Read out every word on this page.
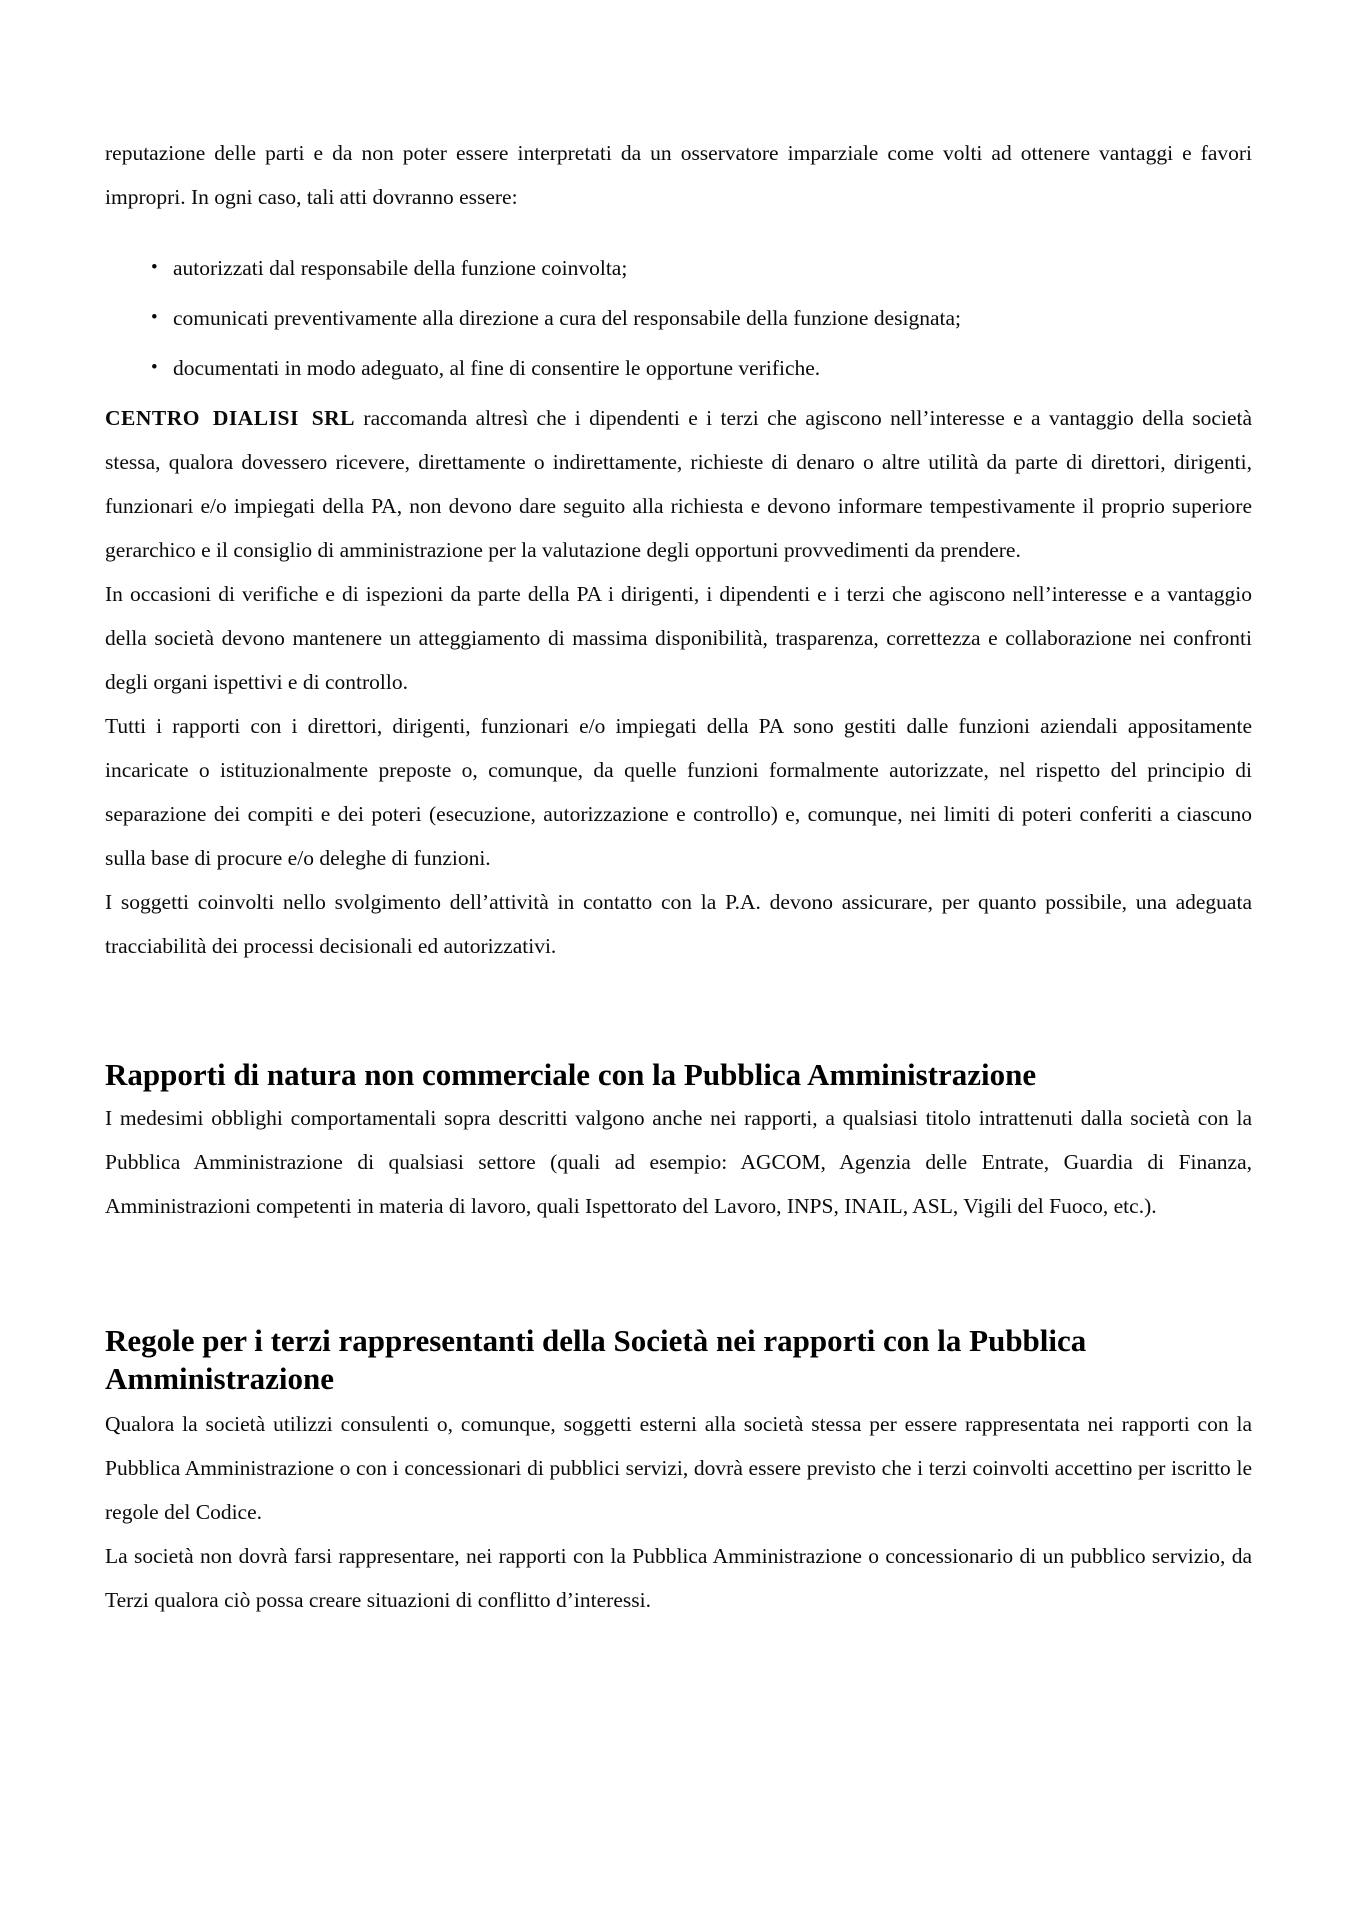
reputazione delle parti e da non poter essere interpretati da un osservatore imparziale come volti ad ottenere vantaggi e favori impropri. In ogni caso, tali atti dovranno essere:

• autorizzati dal responsabile della funzione coinvolta;
• comunicati preventivamente alla direzione a cura del responsabile della funzione designata;
• documentati in modo adeguato, al fine di consentire le opportune verifiche.

CENTRO DIALISI SRL raccomanda altresì che i dipendenti e i terzi che agiscono nell’interesse e a vantaggio della società stessa, qualora dovessero ricevere, direttamente o indirettamente, richieste di denaro o altre utilità da parte di direttori, dirigenti, funzionari e/o impiegati della PA, non devono dare seguito alla richiesta e devono informare tempestivamente il proprio superiore gerarchico e il consiglio di amministrazione per la valutazione degli opportuni provvedimenti da prendere.

In occasioni di verifiche e di ispezioni da parte della PA i dirigenti, i dipendenti e i terzi che agiscono nell’interesse e a vantaggio della società devono mantenere un atteggiamento di massima disponibilità, trasparenza, correttezza e collaborazione nei confronti degli organi ispettivi e di controllo.

Tutti i rapporti con i direttori, dirigenti, funzionari e/o impiegati della PA sono gestiti dalle funzioni aziendali appositamente incaricate o istituzionalmente preposte o, comunque, da quelle funzioni formalmente autorizzate, nel rispetto del principio di separazione dei compiti e dei poteri (esecuzione, autorizzazione e controllo) e, comunque, nei limiti di poteri conferiti a ciascuno sulla base di procure e/o deleghe di funzioni.

I soggetti coinvolti nello svolgimento dell’attività in contatto con la P.A. devono assicurare, per quanto possibile, una adeguata tracciabilità dei processi decisionali ed autorizzativi.

Rapporti di natura non commerciale con la Pubblica Amministrazione

I medesimi obblighi comportamentali sopra descritti valgono anche nei rapporti, a qualsiasi titolo intrattenuti dalla società con la Pubblica Amministrazione di qualsiasi settore (quali ad esempio: AGCOM, Agenzia delle Entrate, Guardia di Finanza, Amministrazioni competenti in materia di lavoro, quali Ispettorato del Lavoro, INPS, INAIL, ASL, Vigili del Fuoco, etc.).

Regole per i terzi rappresentanti della Società nei rapporti con la Pubblica Amministrazione

Qualora la società utilizzi consulenti o, comunque, soggetti esterni alla società stessa per essere rappresentata nei rapporti con la Pubblica Amministrazione o con i concessionari di pubblici servizi, dovrà essere previsto che i terzi coinvolti accettino per iscritto le regole del Codice.

La società non dovrà farsi rappresentare, nei rapporti con la Pubblica Amministrazione o concessionario di un pubblico servizio, da Terzi qualora ciò possa creare situazioni di conflitto d’interessi.
